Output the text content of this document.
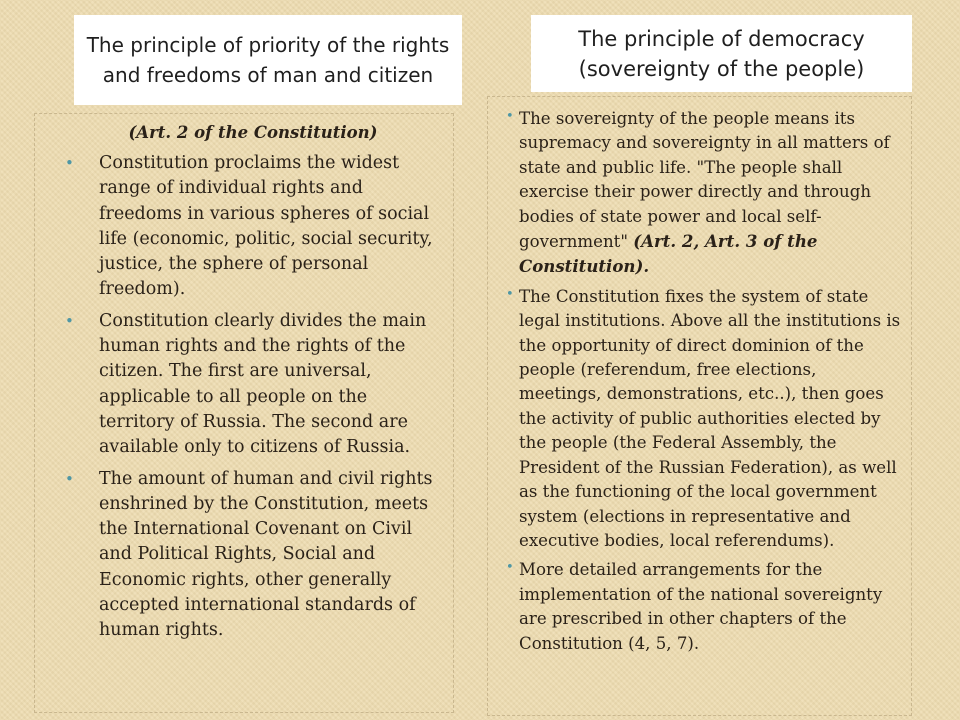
The principle of priority of the rights and freedoms of man and citizen
The principle of democracy (sovereignty of the people)
(Art. 2 of the Constitution)
• Constitution proclaims the widest range of individual rights and freedoms in various spheres of social life (economic, politic, social security, justice, the sphere of personal freedom).
• Constitution clearly divides the main human rights and the rights of the citizen. The first are universal, applicable to all people on the territory of Russia. The second are available only to citizens of Russia.
• The amount of human and civil rights enshrined by the Constitution, meets the International Covenant on Civil and Political Rights, Social and Economic rights, other generally accepted international standards of human rights.
• The sovereignty of the people means its supremacy and sovereignty in all matters of state and public life. "The people shall exercise their power directly and through bodies of state power and local self-government" (Art. 2, Art. 3 of the Constitution).
• The Constitution fixes the system of state legal institutions. Above all the institutions is the opportunity of direct dominion of the people (referendum, free elections, meetings, demonstrations, etc..), then goes the activity of public authorities elected by the people (the Federal Assembly, the President of the Russian Federation), as well as the functioning of the local government system (elections in representative and executive bodies, local referendums).
• More detailed arrangements for the implementation of the national sovereignty are prescribed in other chapters of the Constitution (4, 5, 7).
